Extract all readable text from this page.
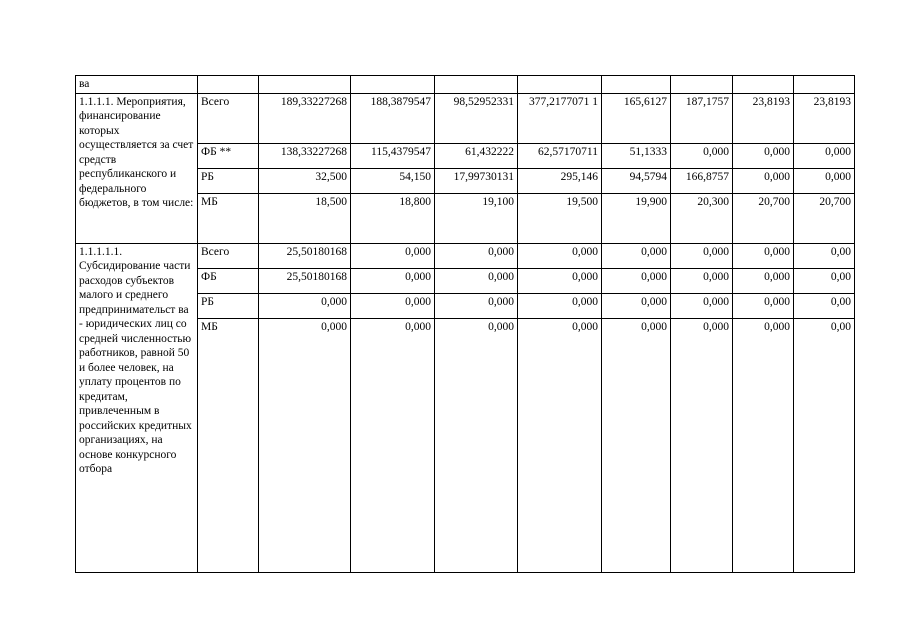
ва									
1.1.1.1. Мероприятия, финансирование которых осуществляется за счет средств республиканского и федерального бюджетов, в том числе:	Всего	189,33227268	188,3879547	98,52952331	377,2177071 1	165,6127	187,1757	23,8193	23,8193
	ФБ **	138,33227268	115,4379547	61,432222	62,57170711	51,1333	0,000	0,000	0,000
	РБ	32,500	54,150	17,99730131	295,146	94,5794	166,8757	0,000	0,000
	МБ	18,500	18,800	19,100	19,500	19,900	20,300	20,700	20,700
1.1.1.1.1. Субсидирование части расходов субъектов малого и среднего предпринимательст ва - юридических лиц со средней численностью работников, равной 50 и более человек, на уплату процентов по кредитам, привлеченным в российских кредитных организациях, на основе конкурсного отбора	Всего	25,50180168	0,000	0,000	0,000	0,000	0,000	0,000	0,00
	ФБ	25,50180168	0,000	0,000	0,000	0,000	0,000	0,000	0,00
	РБ	0,000	0,000	0,000	0,000	0,000	0,000	0,000	0,00
	МБ	0,000	0,000	0,000	0,000	0,000	0,000	0,000	0,00
